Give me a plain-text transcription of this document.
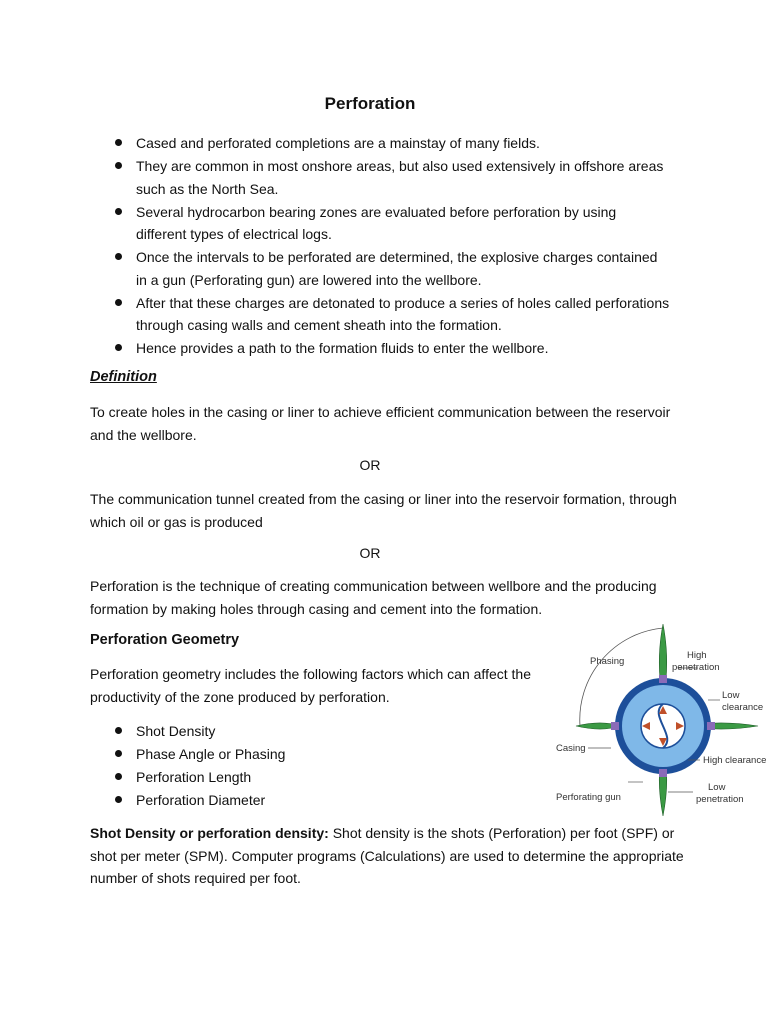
Perforation
Cased and perforated completions are a mainstay of many fields.
They are common in most onshore areas, but also used extensively in offshore areas such as the North Sea.
Several hydrocarbon bearing zones are evaluated before perforation by using different types of electrical logs.
Once the intervals to be perforated are determined, the explosive charges contained in a gun (Perforating gun) are lowered into the wellbore.
After that these charges are detonated to produce a series of holes called perforations through casing walls and cement sheath into the formation.
Hence provides a path to the formation fluids to enter the wellbore.
Definition
To create holes in the casing or liner to achieve efficient communication between the reservoir and the wellbore.
OR
The communication tunnel created from the casing or liner into the reservoir formation, through which oil or gas is produced
OR
Perforation is the technique of creating communication between wellbore and the producing formation by making holes through casing and cement into the formation.
Perforation Geometry
Perforation geometry includes the following factors which can affect the productivity of the zone produced by perforation.
Shot Density
Phase Angle or Phasing
Perforation Length
Perforation Diameter
Shot Density or perforation density: Shot density is the shots (Perforation) per foot (SPF) or shot per meter (SPM). Computer programs (Calculations) are used to determine the appropriate number of shots required per foot.
Phasing
High
penetration
Low
clearance
Casing
High clearance
Low
penetration
Perforating gun
